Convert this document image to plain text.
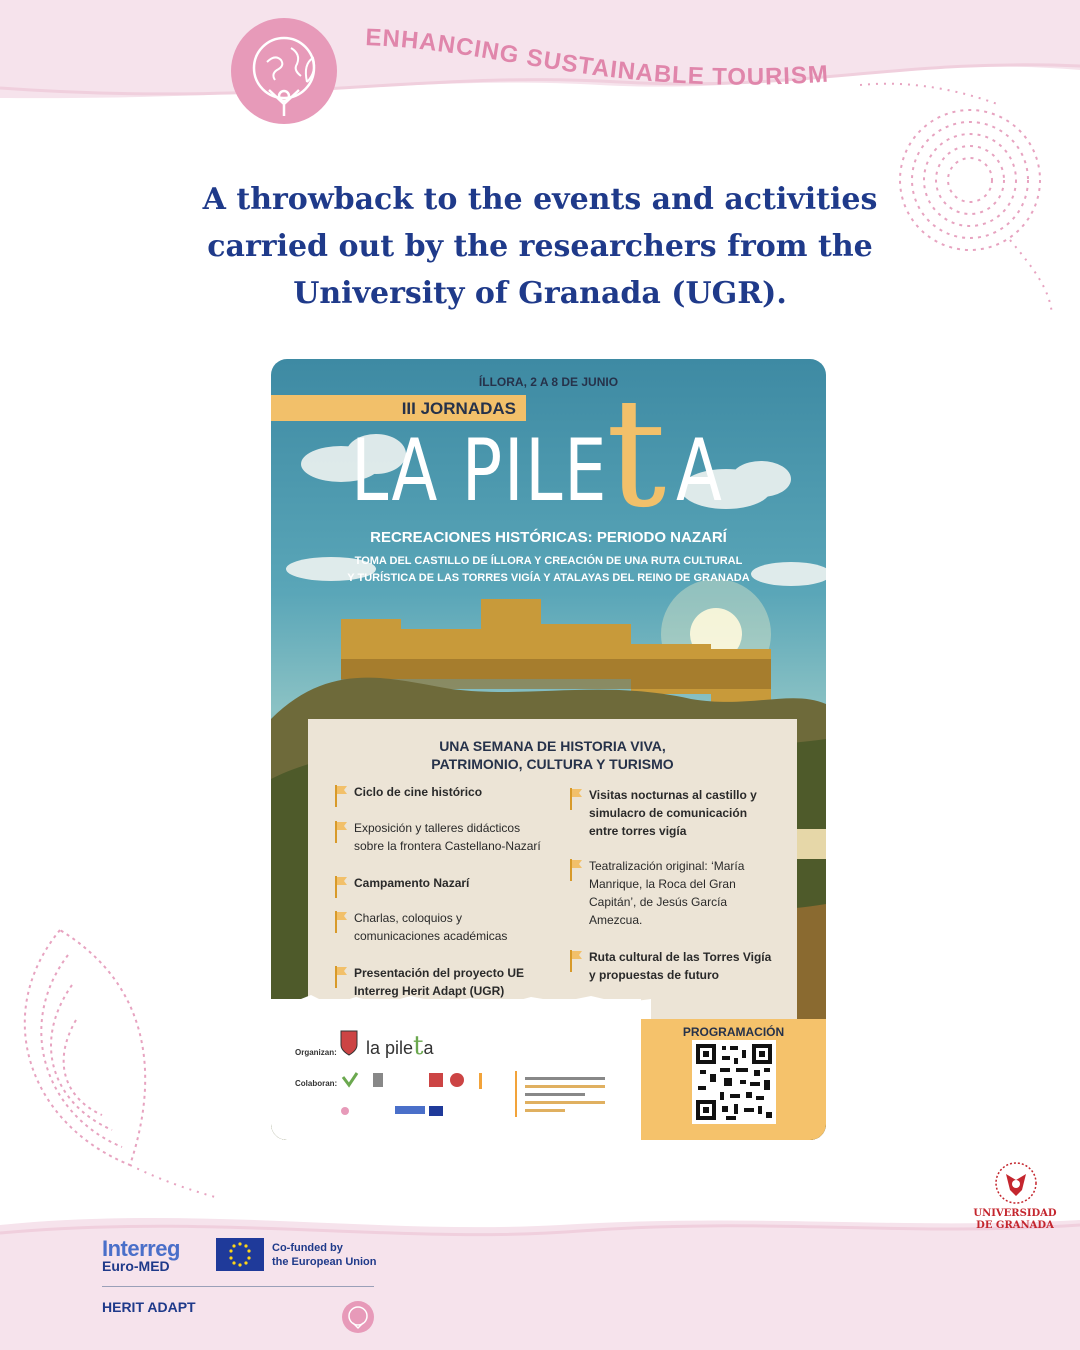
ENHANCING SUSTAINABLE TOURISM
A throwback to the events and activities
carried out by the researchers from the
University of Granada (UGR).
ÍLLORA, 2 A 8 DE JUNIO
III JORNADAS
LA PILE
t A
RECREACIONES HISTÓRICAS: PERIODO NAZARÍ
TOMA DEL CASTILLO DE ÍLLORA Y CREACIÓN DE UNA RUTA CULTURAL
Y TURÍSTICA DE LAS TORRES VIGÍA Y ATALAYAS DEL REINO DE GRANADA
UNA SEMANA DE HISTORIA VIVA,
PATRIMONIO, CULTURA Y TURISMO
Ciclo de cine histórico
Exposición y talleres didácticos
sobre la frontera Castellano-Nazarí
Campamento Nazarí
Charlas, coloquios y
comunicaciones académicas
Presentación del proyecto UE
Interreg Herit Adapt (UGR)
Visitas nocturnas al castillo y
simulacro de comunicación
entre torres vigía
Teatralización original: ‘María
Manrique, la Roca del Gran
Capitán’, de Jesús García
Amezcua.
Ruta cultural de las Torres Vigía
y propuestas de futuro
Organizan: la pileta
Colaboran:
PROGRAMACIÓN
Interreg
Euro-MED
Co-funded by
the European Union
HERIT ADAPT
UNIVERSIDAD
DE GRANADA
